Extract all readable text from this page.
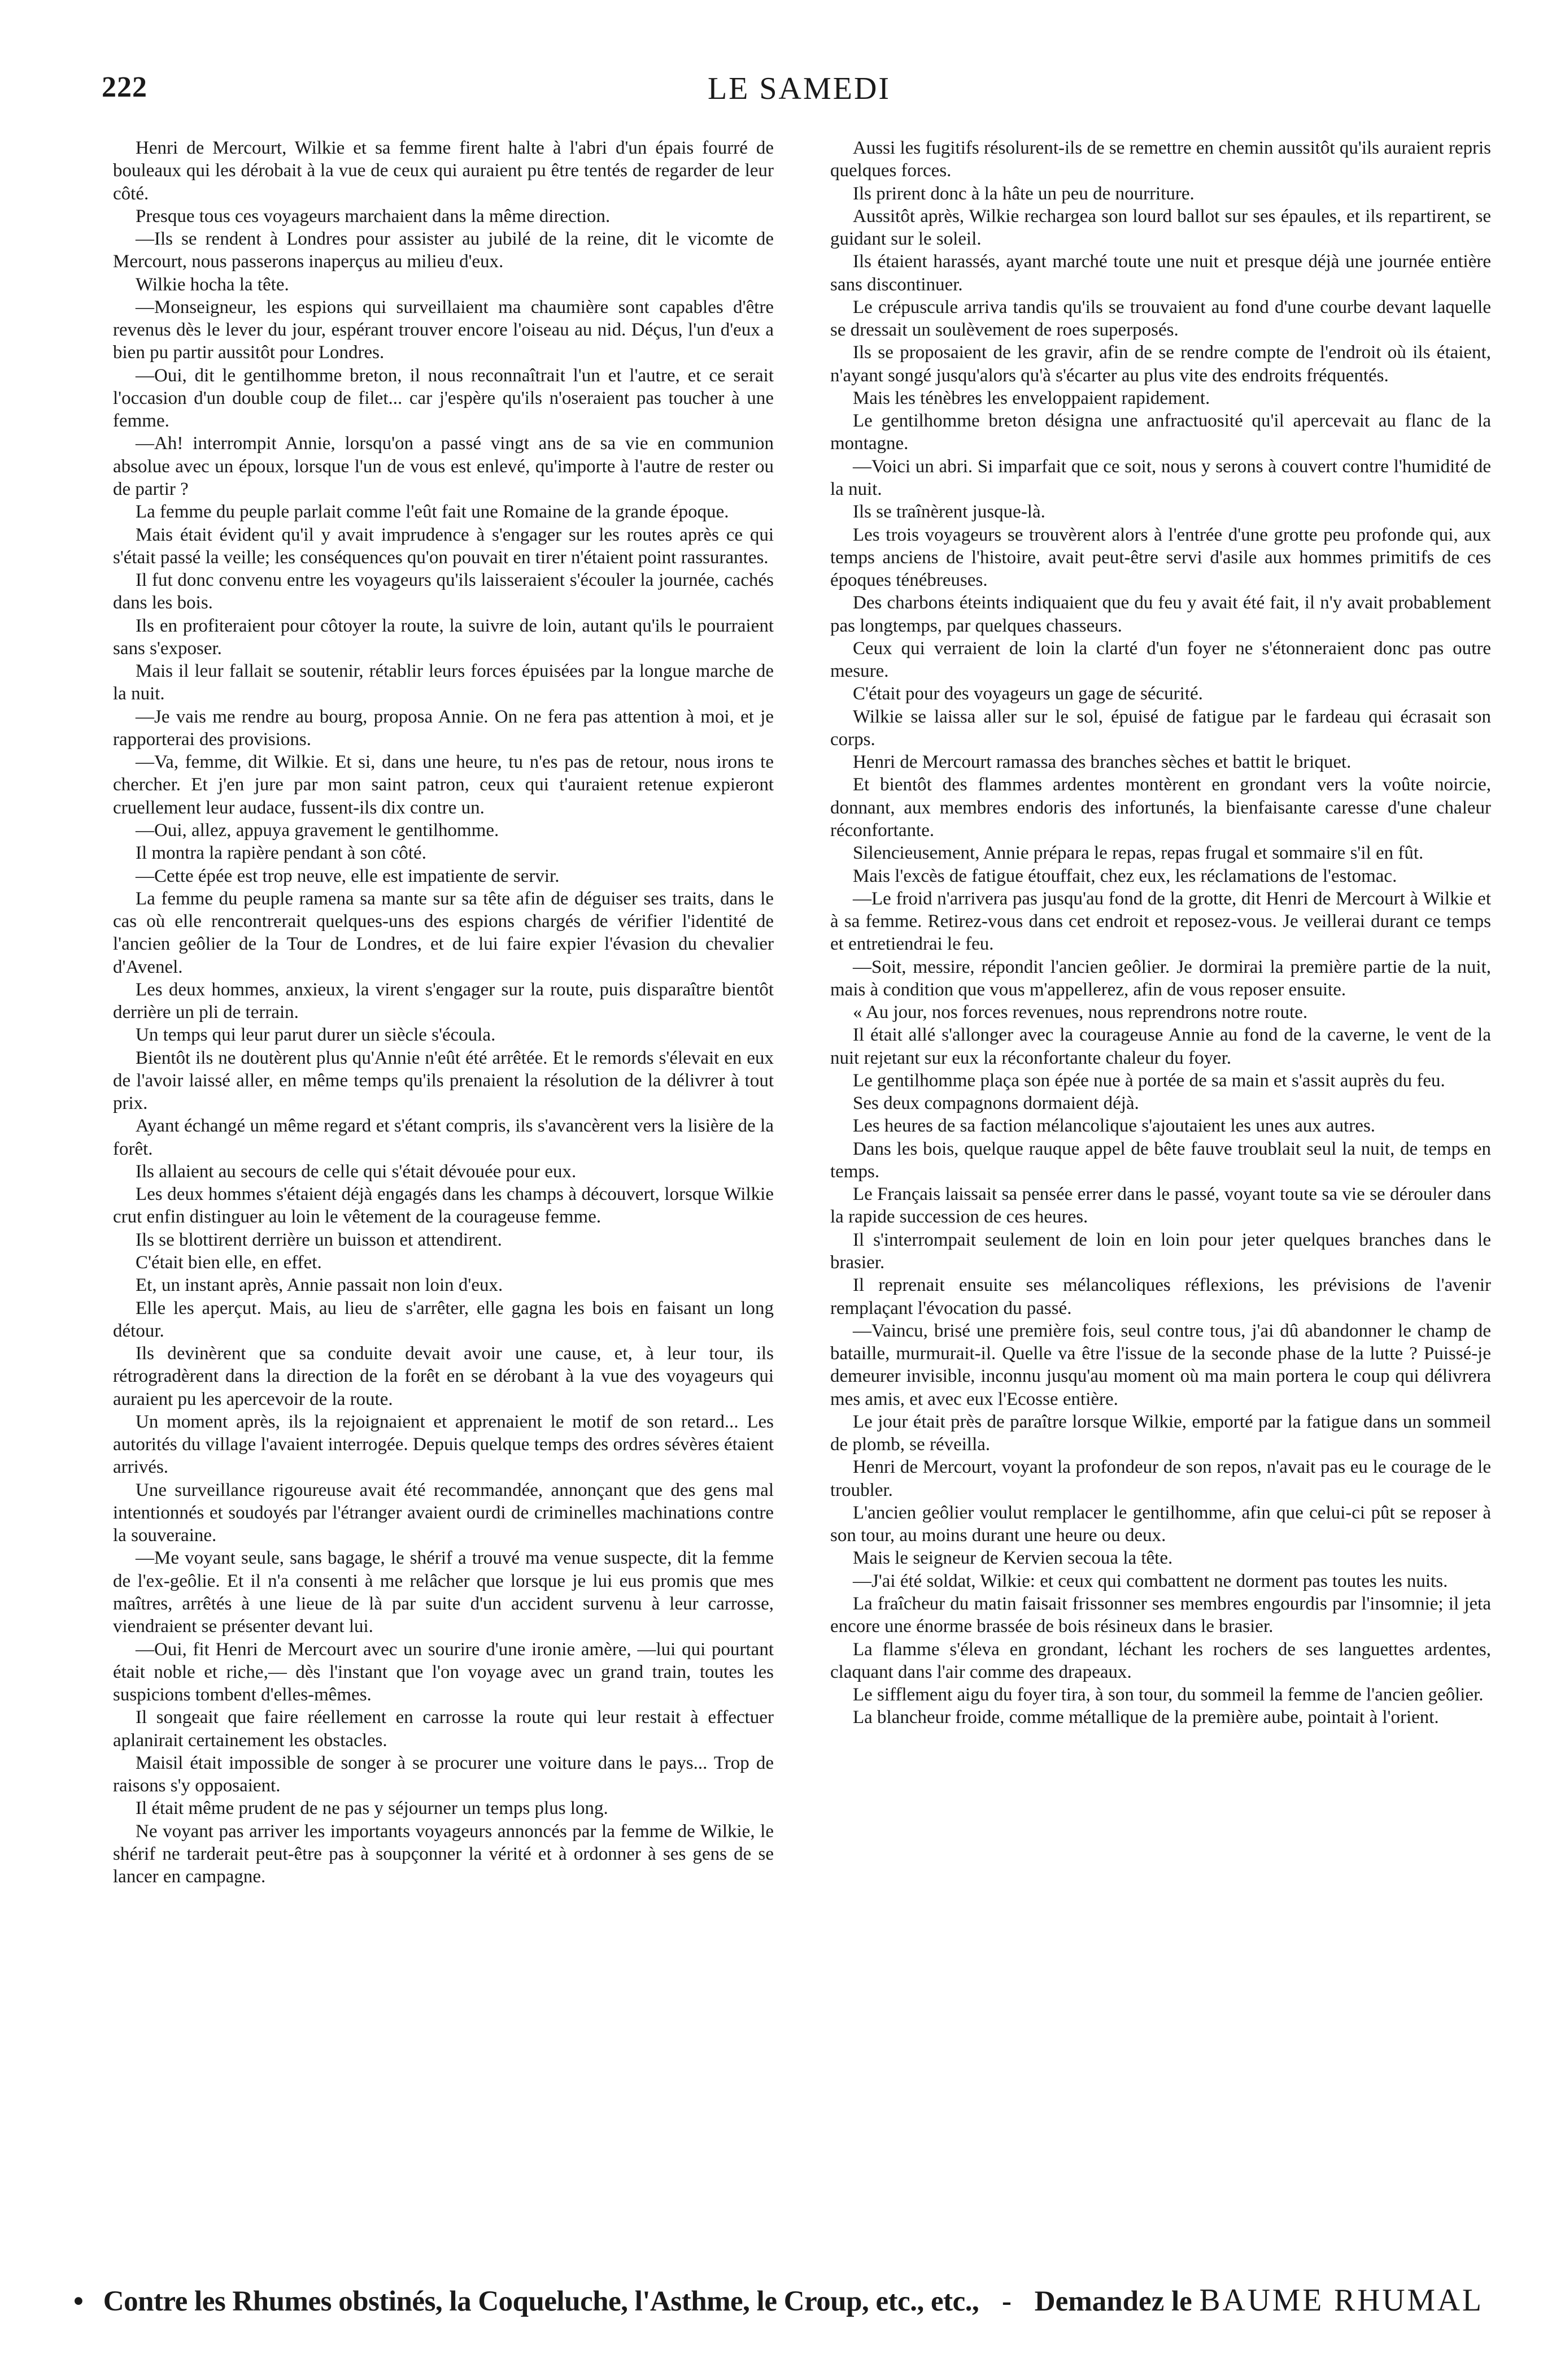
222	LE SAMEDI

Henri de Mercourt, Wilkie et sa femme firent halte à l'abri d'un épais fourré de bouleaux qui les dérobait à la vue de ceux qui auraient pu être tentés de regarder de leur côté.

Presque tous ces voyageurs marchaient dans la même direction.

—Ils se rendent à Londres pour assister au jubilé de la reine, dit le vicomte de Mercourt, nous passerons inaperçus au milieu d'eux.

Wilkie hocha la tête.

—Monseigneur, les espions qui surveillaient ma chaumière sont capables d'être revenus dès le lever du jour, espérant trouver encore l'oiseau au nid. Déçus, l'un d'eux a bien pu partir aussitôt pour Londres.

—Oui, dit le gentilhomme breton, il nous reconnaîtrait l'un et l'autre, et ce serait l'occasion d'un double coup de filet... car j'espère qu'ils n'oseraient pas toucher à une femme.

—Ah! interrompit Annie, lorsqu'on a passé vingt ans de sa vie en communion absolue avec un époux, lorsque l'un de vous est enlevé, qu'importe à l'autre de rester ou de partir ?

La femme du peuple parlait comme l'eût fait une Romaine de la grande époque.

Mais était évident qu'il y avait imprudence à s'engager sur les routes après ce qui s'était passé la veille; les conséquences qu'on pouvait en tirer n'étaient point rassurantes.

Il fut donc convenu entre les voyageurs qu'ils laisseraient s'écouler la journée, cachés dans les bois.

Ils en profiteraient pour côtoyer la route, la suivre de loin, autant qu'ils le pourraient sans s'exposer.

Mais il leur fallait se soutenir, rétablir leurs forces épuisées par la longue marche de la nuit.

—Je vais me rendre au bourg, proposa Annie. On ne fera pas attention à moi, et je rapporterai des provisions.

—Va, femme, dit Wilkie. Et si, dans une heure, tu n'es pas de retour, nous irons te chercher. Et j'en jure par mon saint patron, ceux qui t'auraient retenue expieront cruellement leur audace, fussent-ils dix contre un.

—Oui, allez, appuya gravement le gentilhomme.

Il montra la rapière pendant à son côté.

—Cette épée est trop neuve, elle est impatiente de servir.

La femme du peuple ramena sa mante sur sa tête afin de déguiser ses traits, dans le cas où elle rencontrerait quelques-uns des espions chargés de vérifier l'identité de l'ancien geôlier de la Tour de Londres, et de lui faire expier l'évasion du chevalier d'Avenel.

Les deux hommes, anxieux, la virent s'engager sur la route, puis disparaître bientôt derrière un pli de terrain.

Un temps qui leur parut durer un siècle s'écoula.

Bientôt ils ne doutèrent plus qu'Annie n'eût été arrêtée. Et le remords s'élevait en eux de l'avoir laissé aller, en même temps qu'ils prenaient la résolution de la délivrer à tout prix.

Ayant échangé un même regard et s'étant compris, ils s'avancèrent vers la lisière de la forêt.

Ils allaient au secours de celle qui s'était dévouée pour eux.

Les deux hommes s'étaient déjà engagés dans les champs à découvert, lorsque Wilkie crut enfin distinguer au loin le vêtement de la courageuse femme.

Ils se blottirent derrière un buisson et attendirent.

C'était bien elle, en effet.

Et, un instant après, Annie passait non loin d'eux.

Elle les aperçut. Mais, au lieu de s'arrêter, elle gagna les bois en faisant un long détour.

Ils devinèrent que sa conduite devait avoir une cause, et, à leur tour, ils rétrogradèrent dans la direction de la forêt en se dérobant à la vue des voyageurs qui auraient pu les apercevoir de la route.

Un moment après, ils la rejoignaient et apprenaient le motif de son retard... Les autorités du village l'avaient interrogée. Depuis quelque temps des ordres sévères étaient arrivés.

Une surveillance rigoureuse avait été recommandée, annonçant que des gens mal intentionnés et soudoyés par l'étranger avaient ourdi de criminelles machinations contre la souveraine.

—Me voyant seule, sans bagage, le shérif a trouvé ma venue suspecte, dit la femme de l'ex-geôlie. Et il n'a consenti à me relâcher que lorsque je lui eus promis que mes maîtres, arrêtés à une lieue de là par suite d'un accident survenu à leur carrosse, viendraient se présenter devant lui.

—Oui, fit Henri de Mercourt avec un sourire d'une ironie amère, —lui qui pourtant était noble et riche,— dès l'instant que l'on voyage avec un grand train, toutes les suspicions tombent d'elles-mêmes.

Il songeait que faire réellement en carrosse la route qui leur restait à effectuer aplanirait certainement les obstacles.

Maisil était impossible de songer à se procurer une voiture dans le pays... Trop de raisons s'y opposaient.

Il était même prudent de ne pas y séjourner un temps plus long.

Ne voyant pas arriver les importants voyageurs annoncés par la femme de Wilkie, le shérif ne tarderait peut-être pas à soupçonner la vérité et à ordonner à ses gens de se lancer en campagne.

Aussi les fugitifs résolurent-ils de se remettre en chemin aussitôt qu'ils auraient repris quelques forces.

Ils prirent donc à la hâte un peu de nourriture.

Aussitôt après, Wilkie rechargea son lourd ballot sur ses épaules, et ils repartirent, se guidant sur le soleil.

Ils étaient harassés, ayant marché toute une nuit et presque déjà une journée entière sans discontinuer.

Le crépuscule arriva tandis qu'ils se trouvaient au fond d'une courbe devant laquelle se dressait un soulèvement de roes superposés.

Ils se proposaient de les gravir, afin de se rendre compte de l'endroit où ils étaient, n'ayant songé jusqu'alors qu'à s'écarter au plus vite des endroits fréquentés.

Mais les ténèbres les enveloppaient rapidement.

Le gentilhomme breton désigna une anfractuosité qu'il apercevait au flanc de la montagne.

—Voici un abri. Si imparfait que ce soit, nous y serons à couvert contre l'humidité de la nuit.

Ils se traînèrent jusque-là.

Les trois voyageurs se trouvèrent alors à l'entrée d'une grotte peu profonde qui, aux temps anciens de l'histoire, avait peut-être servi d'asile aux hommes primitifs de ces époques ténébreuses.

Des charbons éteints indiquaient que du feu y avait été fait, il n'y avait probablement pas longtemps, par quelques chasseurs.

Ceux qui verraient de loin la clarté d'un foyer ne s'étonneraient donc pas outre mesure.

C'était pour des voyageurs un gage de sécurité.

Wilkie se laissa aller sur le sol, épuisé de fatigue par le fardeau qui écrasait son corps.

Henri de Mercourt ramassa des branches sèches et battit le briquet.

Et bientôt des flammes ardentes montèrent en grondant vers la voûte noircie, donnant, aux membres endoris des infortunés, la bienfaisante caresse d'une chaleur réconfortante.

Silencieusement, Annie prépara le repas, repas frugal et sommaire s'il en fût.

Mais l'excès de fatigue étouffait, chez eux, les réclamations de l'estomac.

—Le froid n'arrivera pas jusqu'au fond de la grotte, dit Henri de Mercourt à Wilkie et à sa femme. Retirez-vous dans cet endroit et reposez-vous. Je veillerai durant ce temps et entretiendrai le feu.

—Soit, messire, répondit l'ancien geôlier. Je dormirai la première partie de la nuit, mais à condition que vous m'appellerez, afin de vous reposer ensuite.

« Au jour, nos forces revenues, nous reprendrons notre route.

Il était allé s'allonger avec la courageuse Annie au fond de la caverne, le vent de la nuit rejetant sur eux la réconfortante chaleur du foyer.

Le gentilhomme plaça son épée nue à portée de sa main et s'assit auprès du feu.

Ses deux compagnons dormaient déjà.

Les heures de sa faction mélancolique s'ajoutaient les unes aux autres.

Dans les bois, quelque rauque appel de bête fauve troublait seul la nuit, de temps en temps.

Le Français laissait sa pensée errer dans le passé, voyant toute sa vie se dérouler dans la rapide succession de ces heures.

Il s'interrompait seulement de loin en loin pour jeter quelques branches dans le brasier.

Il reprenait ensuite ses mélancoliques réflexions, les prévisions de l'avenir remplaçant l'évocation du passé.

—Vaincu, brisé une première fois, seul contre tous, j'ai dû abandonner le champ de bataille, murmurait-il. Quelle va être l'issue de la seconde phase de la lutte ? Puissé-je demeurer invisible, inconnu jusqu'au moment où ma main portera le coup qui délivrera mes amis, et avec eux l'Ecosse entière.

Le jour était près de paraître lorsque Wilkie, emporté par la fatigue dans un sommeil de plomb, se réveilla.

Henri de Mercourt, voyant la profondeur de son repos, n'avait pas eu le courage de le troubler.

L'ancien geôlier voulut remplacer le gentilhomme, afin que celui-ci pût se reposer à son tour, au moins durant une heure ou deux.

Mais le seigneur de Kervien secoua la tête.

—J'ai été soldat, Wilkie: et ceux qui combattent ne dorment pas toutes les nuits.

La fraîcheur du matin faisait frissonner ses membres engourdis par l'insomnie; il jeta encore une énorme brassée de bois résineux dans le brasier.

La flamme s'éleva en grondant, léchant les rochers de ses languettes ardentes, claquant dans l'air comme des drapeaux.

Le sifflement aigu du foyer tira, à son tour, du sommeil la femme de l'ancien geôlier.

La blancheur froide, comme métallique de la première aube, pointait à l'orient.

• Contre les Rhumes obstinés, la Coqueluche, l'Asthme, le Croup, etc., etc., - Demandez le BAUME RHUMAL
